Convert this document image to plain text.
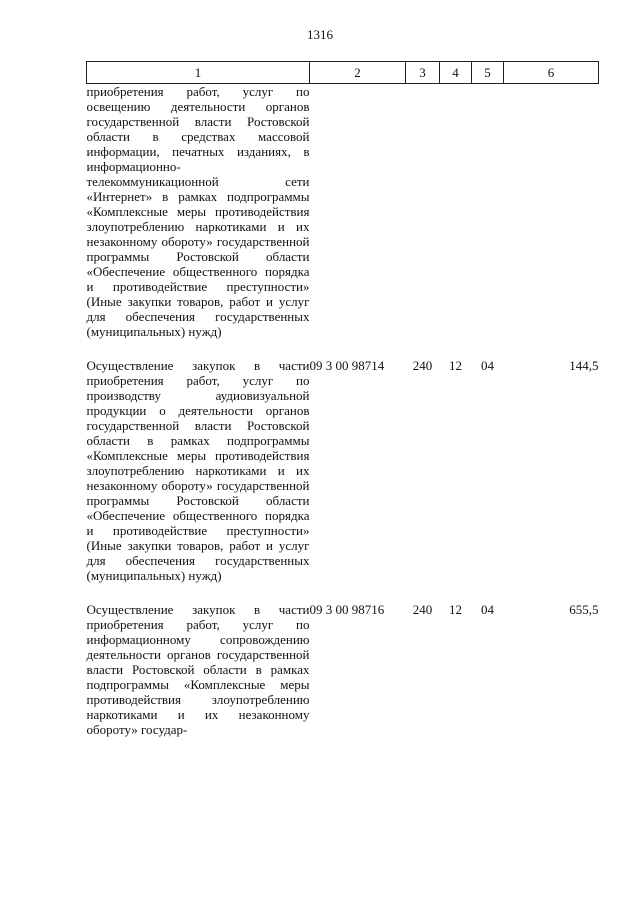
1316
1	2	3	4	5	6
приобретения работ, услуг по освещению деятельности органов государственной власти Ростовской области в средствах массовой информации, печатных изданиях, в информационно-телекоммуникационной сети «Интернет» в рамках подпрограммы «Комплексные меры противодействия злоупотреблению наркотиками и их незаконному обороту» государственной программы Ростовской области «Обеспечение общественного порядка и противодействие преступности» (Иные закупки товаров, работ и услуг для обеспечения государственных (муниципальных) нужд)					

Осуществление закупок в части приобретения работ, услуг по производству аудиовизуальной продукции о деятельности органов государственной власти Ростовской области в рамках подпрограммы «Комплексные меры противодействия злоупотреблению наркотиками и их незаконному обороту» государственной программы Ростовской области «Обеспечение общественного порядка и противодействие преступности» (Иные закупки товаров, работ и услуг для обеспечения государственных (муниципальных) нужд)	09 3 00 98714	240	12	04	144,5

Осуществление закупок в части приобретения работ, услуг по информационному сопровождению деятельности органов государственной власти Ростовской области в рамках подпрограммы «Комплексные меры противодействия злоупотреблению наркотиками и их незаконному обороту» государ-	09 3 00 98716	240	12	04	655,5
